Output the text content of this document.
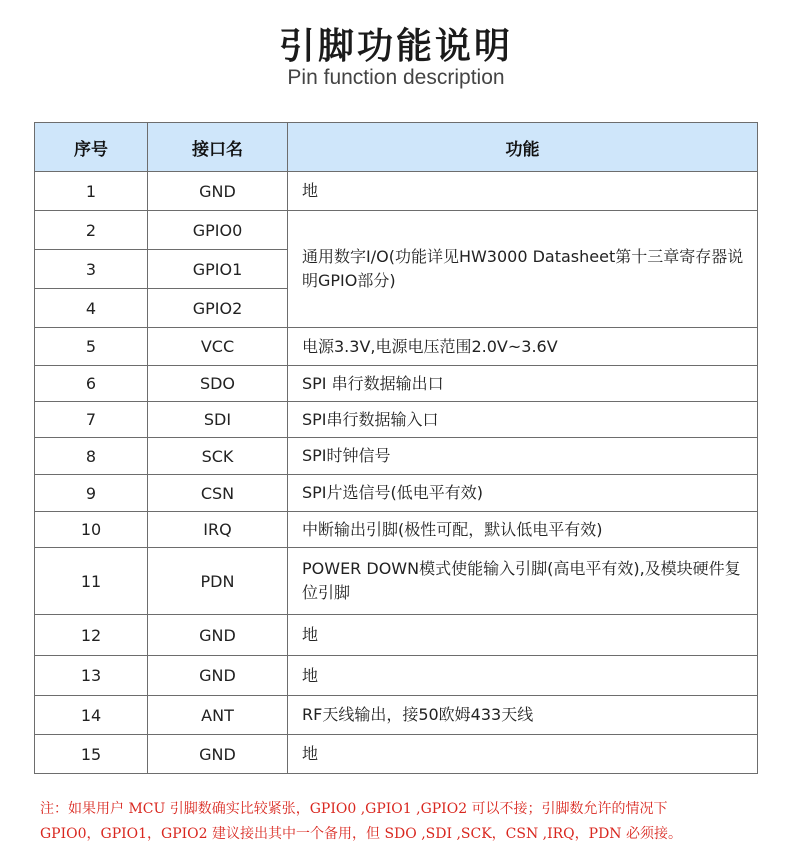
引脚功能说明
Pin function description
序号	接口名	功能
1	GND	地
2	GPIO0	通用数字I/O(功能详见HW3000 Datasheet第十三章寄存器说明GPIO部分)
3	GPIO1	
4	GPIO2	
5	VCC	电源3.3V,电源电压范围2.0V~3.6V
6	SDO	SPI 串行数据输出口
7	SDI	SPI串行数据输入口
8	SCK	SPI时钟信号
9	CSN	SPI片选信号(低电平有效)
10	IRQ	中断输出引脚(极性可配，默认低电平有效)
11	PDN	POWER DOWN模式使能输入引脚(高电平有效),及模块硬件复位引脚
12	GND	地
13	GND	地
14	ANT	RF天线输出，接50欧姆433天线
15	GND	地
注：如果用户 MCU 引脚数确实比较紧张，GPIO0 ,GPIO1 ,GPIO2 可以不接；引脚数允许的情况下
GPIO0，GPIO1，GPIO2 建议接出其中一个备用，但 SDO ,SDI ,SCK，CSN ,IRQ，PDN 必须接。
